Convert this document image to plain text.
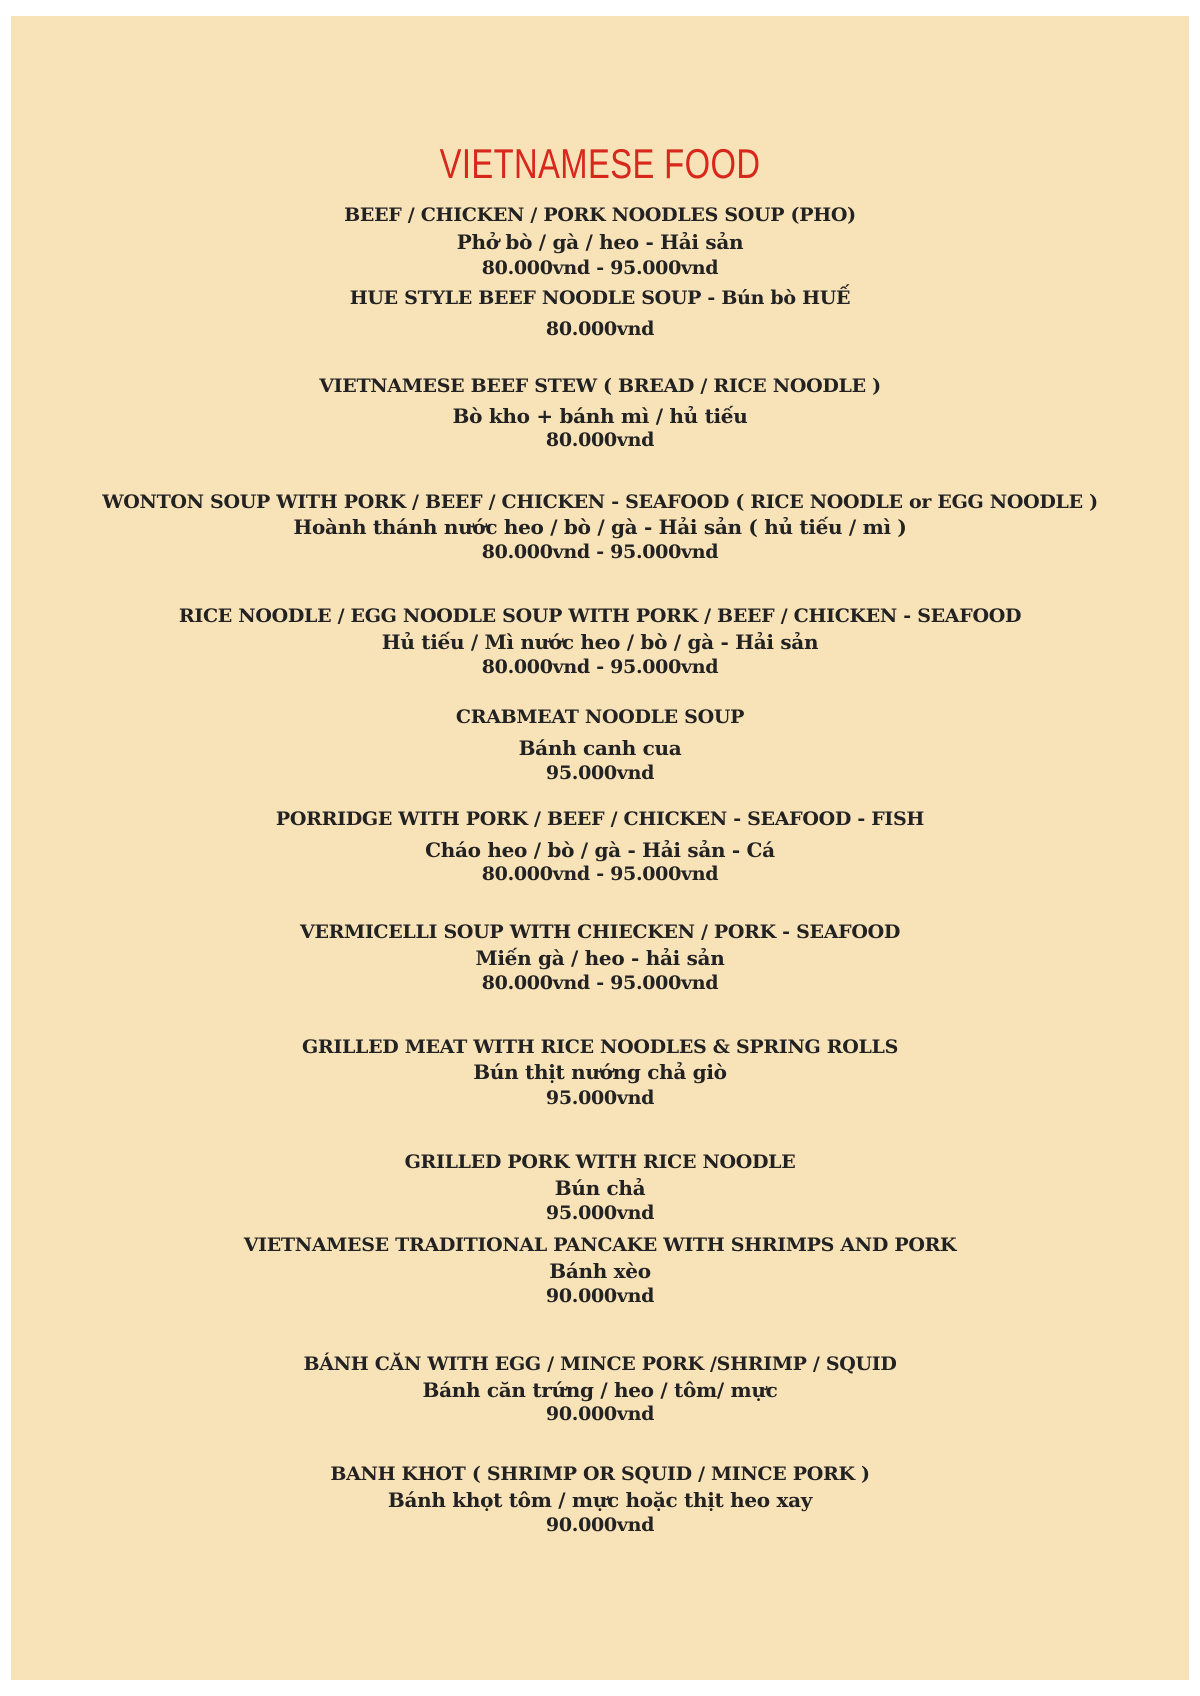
VIETNAMESE FOOD
BEEF / CHICKEN / PORK NOODLES SOUP (PHO)
Phở bò / gà / heo - Hải sản
80.000vnd - 95.000vnd
HUE STYLE BEEF NOODLE SOUP - Bún bò HUẾ
80.000vnd
VIETNAMESE BEEF STEW ( BREAD / RICE NOODLE )
Bò kho + bánh mì / hủ tiếu
80.000vnd
WONTON SOUP WITH PORK / BEEF / CHICKEN - SEAFOOD ( RICE NOODLE or EGG NOODLE )
Hoành thánh nước heo / bò / gà - Hải sản ( hủ tiếu / mì )
80.000vnd - 95.000vnd
RICE NOODLE / EGG NOODLE SOUP WITH PORK / BEEF / CHICKEN - SEAFOOD
Hủ tiếu / Mì nước heo / bò / gà - Hải sản
80.000vnd - 95.000vnd
CRABMEAT NOODLE SOUP
Bánh canh cua
95.000vnd
PORRIDGE WITH PORK / BEEF / CHICKEN - SEAFOOD - FISH
Cháo heo / bò / gà - Hải sản - Cá
80.000vnd - 95.000vnd
VERMICELLI SOUP WITH CHIECKEN / PORK - SEAFOOD
Miến gà / heo - hải sản
80.000vnd - 95.000vnd
GRILLED MEAT WITH RICE NOODLES & SPRING ROLLS
Bún thịt nướng chả giò
95.000vnd
GRILLED PORK WITH RICE NOODLE
Bún chả
95.000vnd
VIETNAMESE TRADITIONAL PANCAKE WITH SHRIMPS AND PORK
Bánh xèo
90.000vnd
BÁNH CĂN WITH EGG / MINCE PORK /SHRIMP / SQUID
Bánh căn trứng / heo / tôm/ mực
90.000vnd
BANH KHOT ( SHRIMP OR SQUID / MINCE PORK )
Bánh khọt tôm / mực hoặc thịt heo xay
90.000vnd
